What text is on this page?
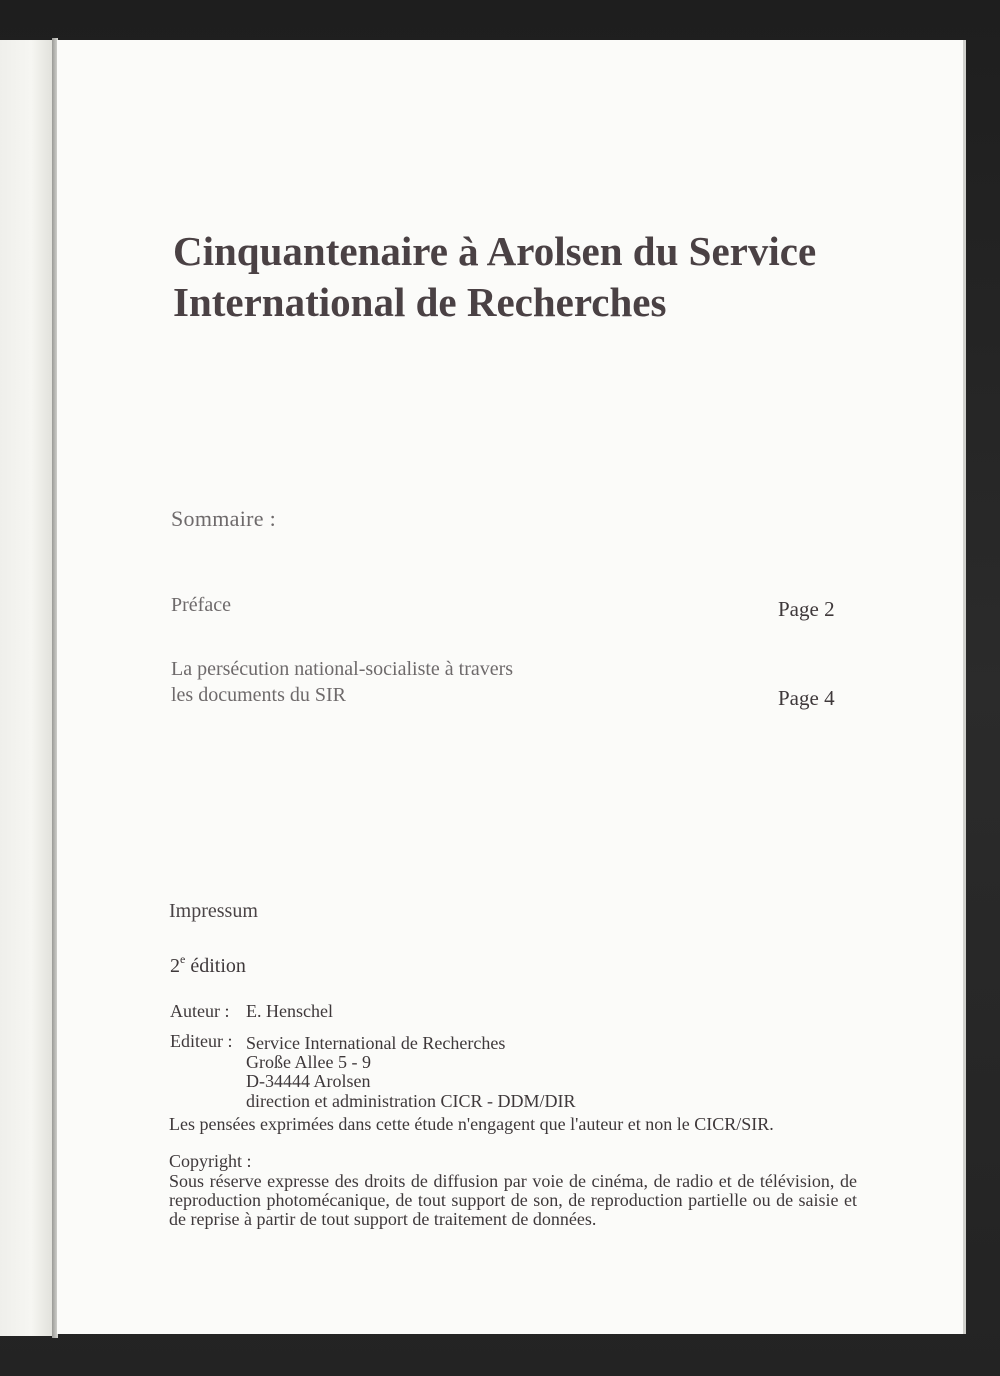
Cinquantenaire à Arolsen du Service
International de Recherches
Sommaire :
Préface	Page 2
La persécution national-socialiste à travers
les documents du SIR	Page 4
Impressum
2e édition
Auteur : E. Henschel
Editeur : Service International de Recherches
Große Allee 5 - 9
D-34444 Arolsen
direction et administration CICR - DDM/DIR
Les pensées exprimées dans cette étude n'engagent que l'auteur et non le CICR/SIR.
Copyright :
Sous réserve expresse des droits de diffusion par voie de cinéma, de radio et de télévision, de reproduction photomécanique, de tout support de son, de reproduction partielle ou de saisie et de reprise à partir de tout support de traitement de données.
